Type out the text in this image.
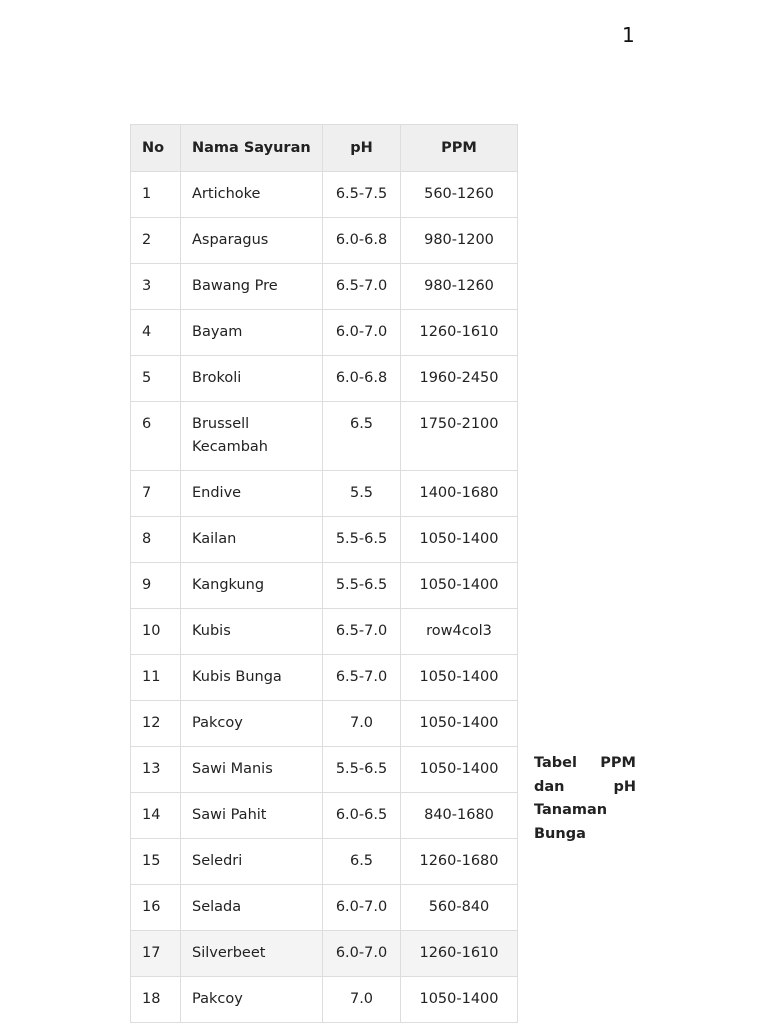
1
No	Nama Sayuran	pH	PPM
1	Artichoke	6.5-7.5	560-1260
2	Asparagus	6.0-6.8	980-1200
3	Bawang Pre	6.5-7.0	980-1260
4	Bayam	6.0-7.0	1260-1610
5	Brokoli	6.0-6.8	1960-2450
6	Brussell Kecambah	6.5	1750-2100
7	Endive	5.5	1400-1680
8	Kailan	5.5-6.5	1050-1400
9	Kangkung	5.5-6.5	1050-1400
10	Kubis	6.5-7.0	row4col3
11	Kubis Bunga	6.5-7.0	1050-1400
12	Pakcoy	7.0	1050-1400
13	Sawi Manis	5.5-6.5	1050-1400
14	Sawi Pahit	6.0-6.5	840-1680
15	Seledri	6.5	1260-1680
16	Selada	6.0-7.0	560-840
17	Silverbeet	6.0-7.0	1260-1610
18	Pakcoy	7.0	1050-1400
Tabel PPM dan pH Tanaman Bunga
